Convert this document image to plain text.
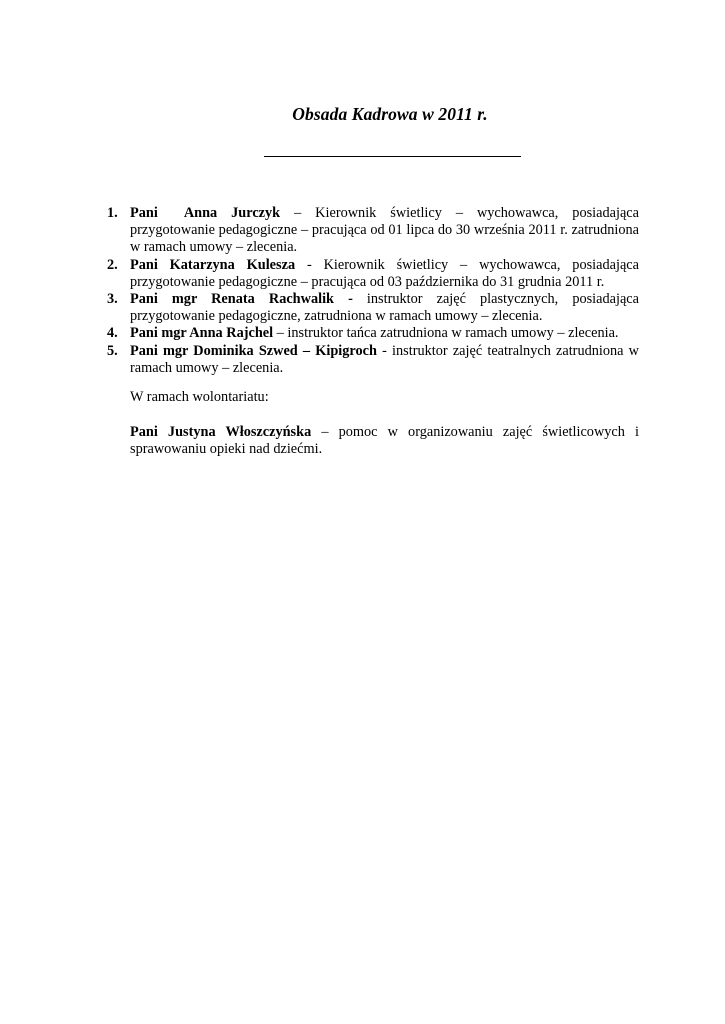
Obsada Kadrowa w 2011 r.
1. Pani Anna Jurczyk – Kierownik świetlicy – wychowawca, posiadająca przygotowanie pedagogiczne – pracująca od 01 lipca do 30 września 2011 r. zatrudniona w ramach umowy – zlecenia.
2. Pani Katarzyna Kulesza - Kierownik świetlicy – wychowawca, posiadająca przygotowanie pedagogiczne – pracująca od 03 października do 31 grudnia 2011 r.
3. Pani mgr Renata Rachwalik - instruktor zajęć plastycznych, posiadająca przygotowanie pedagogiczne, zatrudniona w ramach umowy – zlecenia.
4. Pani mgr Anna Rajchel – instruktor tańca zatrudniona w ramach umowy – zlecenia.
5. Pani mgr Dominika Szwed – Kipigroch - instruktor zajęć teatralnych zatrudniona w ramach umowy – zlecenia.
W ramach wolontariatu:
Pani Justyna Włoszczyńska – pomoc w organizowaniu zajęć świetlicowych i sprawowaniu opieki nad dziećmi.
